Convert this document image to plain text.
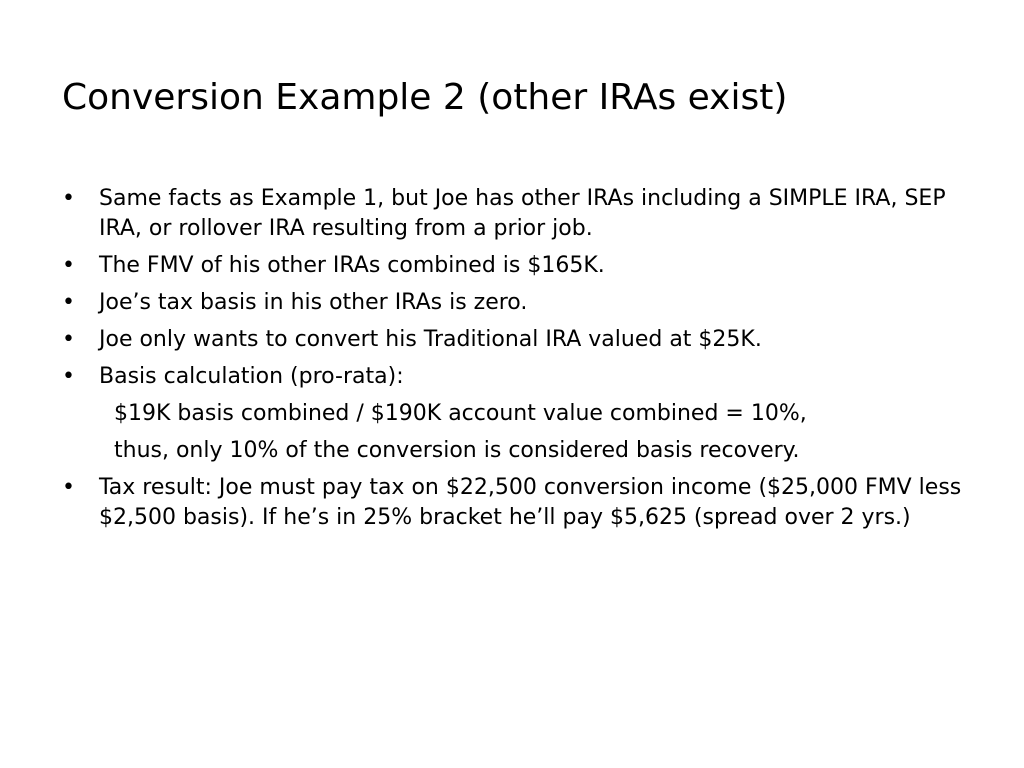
Conversion Example 2 (other IRAs exist)
•	Same facts as Example 1, but Joe has other IRAs including a SIMPLE IRA, SEP IRA, or rollover IRA resulting from a prior job.
•	The FMV of his other IRAs combined is $165K.
•	Joe’s tax basis in his other IRAs is zero.
•	Joe only wants to convert his Traditional IRA valued at $25K.
•	Basis calculation (pro-rata):
$19K basis combined / $190K account value combined = 10%,
thus, only 10% of the conversion is considered basis recovery.
•	Tax result: Joe must pay tax on $22,500 conversion income ($25,000 FMV less $2,500 basis). If he’s in 25% bracket he’ll pay $5,625 (spread over 2 yrs.)
